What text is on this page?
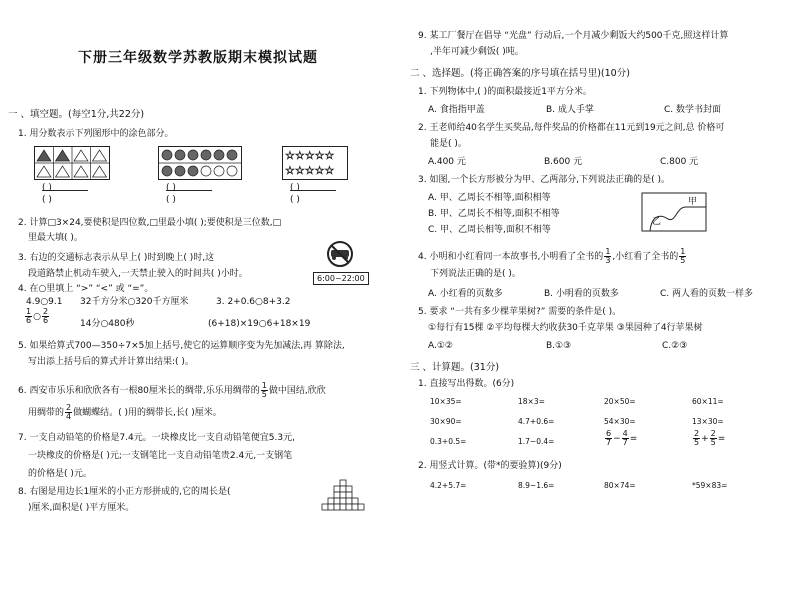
下册三年级数学苏教版期末模拟试题
一 、填空题。(每空1分,共22分)
1. 用分数表示下列图形中的涂色部分。
☆☆☆☆☆
☆☆☆☆☆
( )
( )
( )
( )
( )
( )
2. 计算□3×24,要使积是四位数,□里最小填( );要使积是三位数,□
里最大填( )。
3. 右边的交通标志表示从早上( )时到晚上( )时,这
段道路禁止机动车驶入,一天禁止驶入的时间共( )小时。	6:00~22:00
4. 在○里填上 “>” “<” 或 “=”。
4.9○9.1 32千方分米○320千方厘米	3. 2+0.6○8+3.2
$\frac{1}{6}$ ○ $\frac{2}{6}$	14分○480秒	(6+18)×19○6+18×19
5. 如果给算式700—350÷7×5加上括号,使它的运算顺序变为先加减法,再 算除法,
写出添上括号后的算式并计算出结果:( )。
6. 西安市乐乐和欣欣各有一根80厘米长的绸带,乐乐用绸带的 $\frac{1}{5}$ 做中国结,欣欣
用绸带的 $\frac{2}{4}$ 做蝴蝶结。( )用的绸带长,长( )厘米。
7. 一支自动铅笔的价格是7.4元。一块橡皮比一支自动铅笔便宜5.3元,
一块橡皮的价格是( )元;一支钢笔比一支自动铅笔贵2.4元,一支钢笔
的价格是( )元。
8. 右图是用边长1厘米的小正方形拼成的,它的周长是(
)厘米,面积是( )平方厘米。
9. 某工厂餐厅在倡导 “光盘” 行动后,一个月减少剩饭大约500千克,照这样计算
,半年可减少剩饭( )吨。
二 、选择题。(将正确答案的序号填在括号里)(10分)
1. 下列物体中,( )的面积最接近1平方分米。
A. 食指指甲盖	B. 成人手掌	C. 数学书封面
2. 王老师给40名学生买奖品,每件奖品的价格都在11元到19元之间,总 价格可
能是( )。
A.400 元	B.600 元	C.800 元
3. 如图,一个长方形被分为甲、乙两部分,下列说法正确的是( )。
A. 甲、乙周长不相等,面积相等
B. 甲、乙周长不相等,面积不相等
C. 甲、乙周长相等,面积不相等
甲
乙
4. 小明和小红看同一本故事书,小明看了全书的 $\frac{1}{3}$ ,小红看了全书的 $\frac{1}{5}$
下列说法正确的是( )。
A. 小红看的页数多	B. 小明看的页数多	C. 两人看的页数一样多
5. 要求 “一共有多少棵苹果树?” 需要的条件是( )。
①每行有15棵 ②平均每棵大约收获30千克苹果 ③果园种了4行苹果树
A.①②	B.①③	C.②③
三 、计算题。(31分)
1. 直接写出得数。(6分)
10×35=	18×3=	20×50=	60×11=
30×90=	4.7+0.6=	54×30=	13×30=
0.3+0.5=	1.7−0.4=	$\frac{6}{7} - \frac{4}{7}$ =	$\frac{2}{5} + \frac{2}{5}$ =
2. 用竖式计算。(带*的要验算)(9分)
4.2+5.7=	8.9−1.6=	80×74=	*59×83=
